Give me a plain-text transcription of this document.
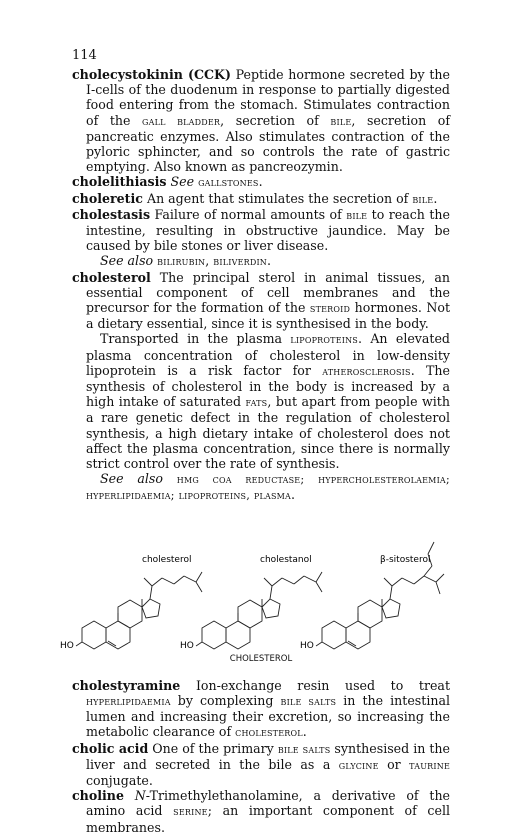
114
cholecystokinin (CCK) Peptide hormone secreted by the I-cells of the duodenum in response to partially digested food entering from the stomach. Stimulates contraction of the gall bladder, secretion of bile, secretion of pancreatic enzymes. Also stimulates contraction of the pyloric sphincter, and so controls the rate of gastric emptying. Also known as pancreozymin.
cholelithiasis See gallstones.
choleretic An agent that stimulates the secretion of bile.
cholestasis Failure of normal amounts of bile to reach the intestine, resulting in obstructive jaundice. May be caused by bile stones or liver disease.
See also bilirubin, biliverdin.
cholesterol The principal sterol in animal tissues, an essential component of cell membranes and the precursor for the formation of the steroid hormones. Not a dietary essential, since it is synthesised in the body.
Transported in the plasma lipoproteins. An elevated plasma concentration of cholesterol in low-density lipoprotein is a risk factor for atherosclerosis. The synthesis of cholesterol in the body is increased by a high intake of saturated fats, but apart from people with a rare genetic defect in the regulation of cholesterol synthesis, a high dietary intake of cholesterol does not affect the plasma concentration, since there is normally strict control over the rate of synthesis.
See also hmg coa reductase; hypercholesterolaemia; hyperlipidaemia; lipoproteins, plasma.
cholesterol	cholestanol	β-sitosterol
HO	HO	HO
CHOLESTEROL
cholestyramine Ion-exchange resin used to treat hyperlipidaemia by complexing bile salts in the intestinal lumen and increasing their excretion, so increasing the metabolic clearance of cholesterol.
cholic acid One of the primary bile salts synthesised in the liver and secreted in the bile as a glycine or taurine conjugate.
choline N-Trimethylethanolamine, a derivative of the amino acid serine; an important component of cell membranes.
